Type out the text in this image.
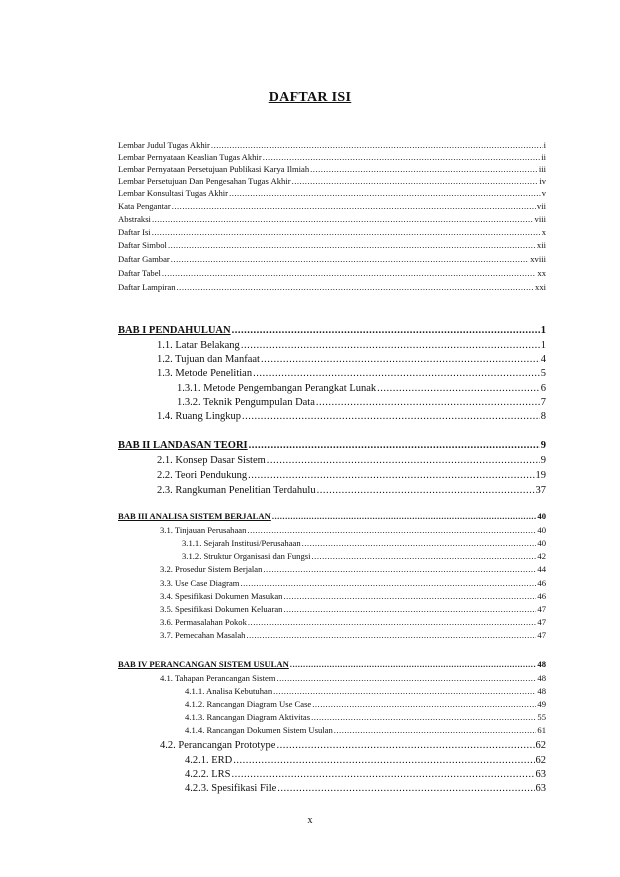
DAFTAR ISI
Lembar Judul Tugas Akhir .....	i
Lembar Pernyataan Keaslian Tugas Akhir .....	ii
Lembar Pernyataan Persetujuan Publikasi Karya Ilmiah .....	iii
Lembar Persetujuan Dan Pengesahan Tugas Akhir .....	iv
Lembar Konsultasi Tugas Akhir .....	v
Kata Pengantar .....	vii
Abstraksi .....	viii
Daftar Isi .....	x
Daftar Simbol .....	xii
Daftar Gambar .....	xviii
Daftar Tabel .....	xx
Daftar Lampiran .....	xxi
BAB I PENDAHULUAN .....	1
1.1. Latar Belakang .....	1
1.2. Tujuan dan Manfaat .....	4
1.3. Metode Penelitian .....	5
1.3.1. Metode Pengembangan Perangkat Lunak .....	6
1.3.2. Teknik Pengumpulan Data .....	7
1.4. Ruang Lingkup .....	8
BAB II LANDASAN TEORI .....	9
2.1. Konsep Dasar Sistem .....	9
2.2. Teori Pendukung .....	19
2.3. Rangkuman Penelitian Terdahulu .....	37
BAB III ANALISA SISTEM BERJALAN .....	40
3.1. Tinjauan Perusahaan .....	40
3.1.1. Sejarah Institusi/Perusahaan .....	40
3.1.2. Struktur Organisasi dan Fungsi .....	42
3.2. Prosedur Sistem Berjalan .....	44
3.3. Use Case Diagram .....	46
3.4. Spesifikasi Dokumen Masukan .....	46
3.5. Spesifikasi Dokumen Keluaran .....	47
3.6. Permasalahan Pokok .....	47
3.7. Pemecahan Masalah .....	47
BAB IV PERANCANGAN SISTEM USULAN .....	48
4.1. Tahapan Perancangan Sistem .....	48
4.1.1. Analisa Kebutuhan .....	48
4.1.2. Rancangan Diagram Use Case .....	49
4.1.3. Rancangan Diagram Aktivitas .....	55
4.1.4. Rancangan Dokumen Sistem Usulan .....	61
4.2. Perancangan Prototype .....	62
4.2.1. ERD .....	62
4.2.2. LRS .....	63
4.2.3. Spesifikasi File .....	63
x
